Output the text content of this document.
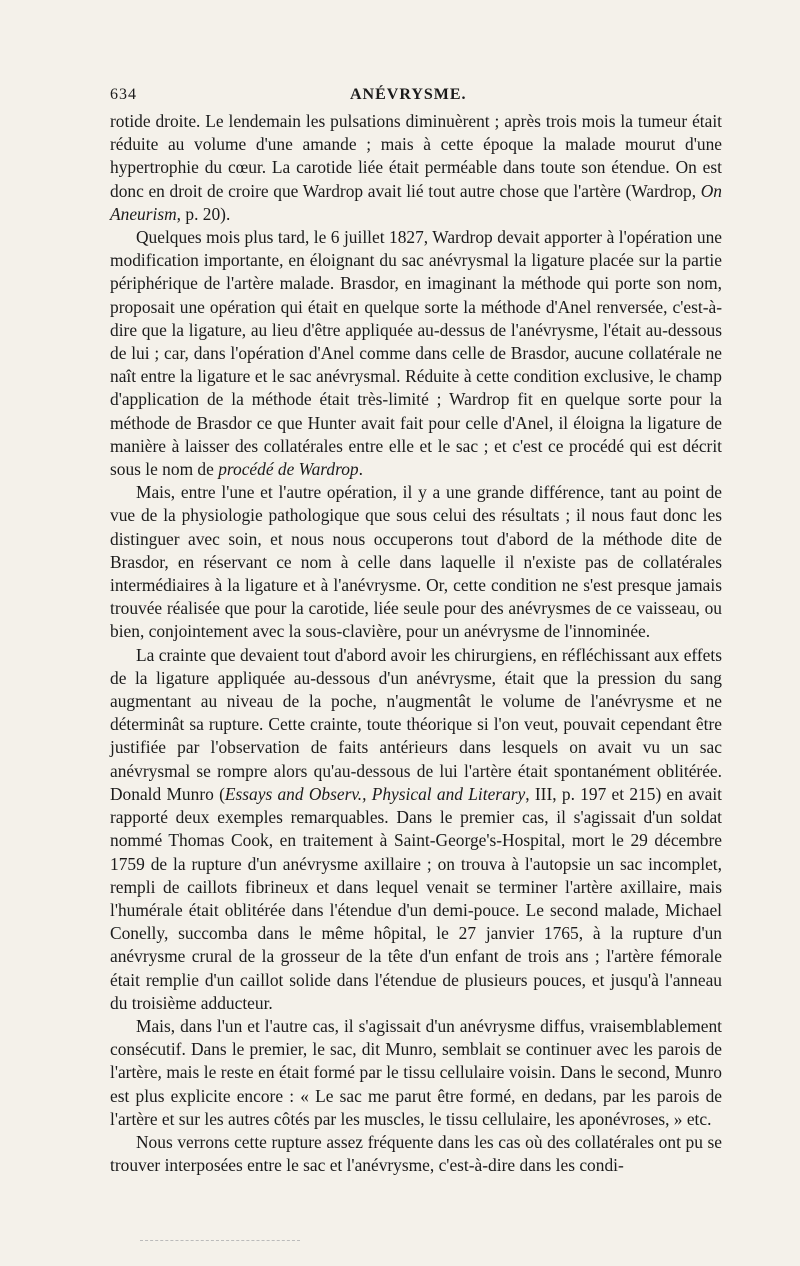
634	ANÉVRYSME.

rotide droite. Le lendemain les pulsations diminuèrent ; après trois mois la tumeur était réduite au volume d'une amande ; mais à cette époque la malade mourut d'une hypertrophie du cœur. La carotide liée était perméable dans toute son étendue. On est donc en droit de croire que Wardrop avait lié tout autre chose que l'artère (Wardrop, On Aneurism, p. 20).

Quelques mois plus tard, le 6 juillet 1827, Wardrop devait apporter à l'opération une modification importante, en éloignant du sac anévrysmal la ligature placée sur la partie périphérique de l'artère malade. Brasdor, en imaginant la méthode qui porte son nom, proposait une opération qui était en quelque sorte la méthode d'Anel renversée, c'est-à-dire que la ligature, au lieu d'être appliquée au-dessus de l'anévrysme, l'était au-dessous de lui ; car, dans l'opération d'Anel comme dans celle de Brasdor, aucune collatérale ne naît entre la ligature et le sac anévrysmal. Réduite à cette condition exclusive, le champ d'application de la méthode était très-limité ; Wardrop fit en quelque sorte pour la méthode de Brasdor ce que Hunter avait fait pour celle d'Anel, il éloigna la ligature de manière à laisser des collatérales entre elle et le sac ; et c'est ce procédé qui est décrit sous le nom de procédé de Wardrop.

Mais, entre l'une et l'autre opération, il y a une grande différence, tant au point de vue de la physiologie pathologique que sous celui des résultats ; il nous faut donc les distinguer avec soin, et nous nous occuperons tout d'abord de la méthode dite de Brasdor, en réservant ce nom à celle dans laquelle il n'existe pas de collatérales intermédiaires à la ligature et à l'anévrysme. Or, cette condition ne s'est presque jamais trouvée réalisée que pour la carotide, liée seule pour des anévrysmes de ce vaisseau, ou bien, conjointement avec la sous-clavière, pour un anévrysme de l'innominée.

La crainte que devaient tout d'abord avoir les chirurgiens, en réfléchissant aux effets de la ligature appliquée au-dessous d'un anévrysme, était que la pression du sang augmentant au niveau de la poche, n'augmentât le volume de l'anévrysme et ne déterminât sa rupture. Cette crainte, toute théorique si l'on veut, pouvait cependant être justifiée par l'observation de faits antérieurs dans lesquels on avait vu un sac anévrysmal se rompre alors qu'au-dessous de lui l'artère était spontanément oblitérée. Donald Munro (Essays and Observ., Physical and Literary, III, p. 197 et 215) en avait rapporté deux exemples remarquables. Dans le premier cas, il s'agissait d'un soldat nommé Thomas Cook, en traitement à Saint-George's-Hospital, mort le 29 décembre 1759 de la rupture d'un anévrysme axillaire ; on trouva à l'autopsie un sac incomplet, rempli de caillots fibrineux et dans lequel venait se terminer l'artère axillaire, mais l'humérale était oblitérée dans l'étendue d'un demi-pouce. Le second malade, Michael Conelly, succomba dans le même hôpital, le 27 janvier 1765, à la rupture d'un anévrysme crural de la grosseur de la tête d'un enfant de trois ans ; l'artère fémorale était remplie d'un caillot solide dans l'étendue de plusieurs pouces, et jusqu'à l'anneau du troisième adducteur.

Mais, dans l'un et l'autre cas, il s'agissait d'un anévrysme diffus, vraisemblablement consécutif. Dans le premier, le sac, dit Munro, semblait se continuer avec les parois de l'artère, mais le reste en était formé par le tissu cellulaire voisin. Dans le second, Munro est plus explicite encore : « Le sac me parut être formé, en dedans, par les parois de l'artère et sur les autres côtés par les muscles, le tissu cellulaire, les aponévroses, » etc.

Nous verrons cette rupture assez fréquente dans les cas où des collatérales ont pu se trouver interposées entre le sac et l'anévrysme, c'est-à-dire dans les condi-
